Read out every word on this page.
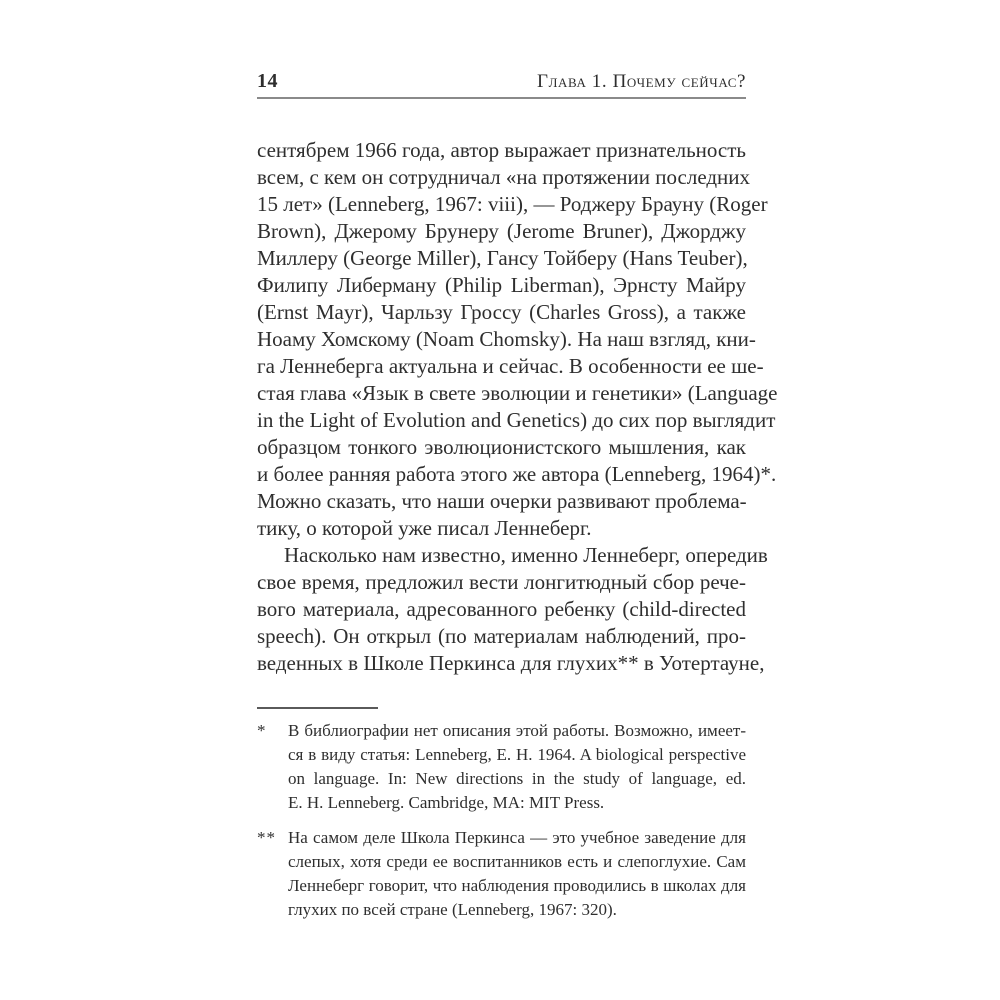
14	Глава 1. Почему сейчас?
сентябрем 1966 года, автор выражает признательность
всем, с кем он сотрудничал «на протяжении последних
15 лет» (Lenneberg, 1967: viii), — Роджеру Брауну (Roger
Brown), Джерому Брунеру (Jerome Bruner), Джорджу
Миллеру (George Miller), Гансу Тойберу (Hans Teuber),
Филипу Либерману (Philip Liberman), Эрнсту Майру
(Ernst Mayr), Чарльзу Гроссу (Charles Gross), а также
Ноаму Хомскому (Noam Chomsky). На наш взгляд, кни-
га Леннеберга актуальна и сейчас. В особенности ее ше-
стая глава «Язык в свете эволюции и генетики» (Language
in the Light of Evolution and Genetics) до сих пор выглядит
образцом тонкого эволюционистского мышления, как
и более ранняя работа этого же автора (Lenneberg, 1964)*.
Можно сказать, что наши очерки развивают проблема-
тику, о которой уже писал Леннеберг.
Насколько нам известно, именно Леннеберг, опередив
свое время, предложил вести лонгитюдный сбор рече-
вого материала, адресованного ребенку (child-directed
speech). Он открыл (по материалам наблюдений, про-
веденных в Школе Перкинса для глухих** в Уотертауне,
*	В библиографии нет описания этой работы. Возможно, имеет-
ся в виду статья: Lenneberg, E. H. 1964. A biological perspective
on language. In: New directions in the study of language, ed.
E. H. Lenneberg. Cambridge, MA: MIT Press.
** На самом деле Школа Перкинса — это учебное заведение для
слепых, хотя среди ее воспитанников есть и слепоглухие. Сам
Леннеберг говорит, что наблюдения проводились в школах для
глухих по всей стране (Lenneberg, 1967: 320).
